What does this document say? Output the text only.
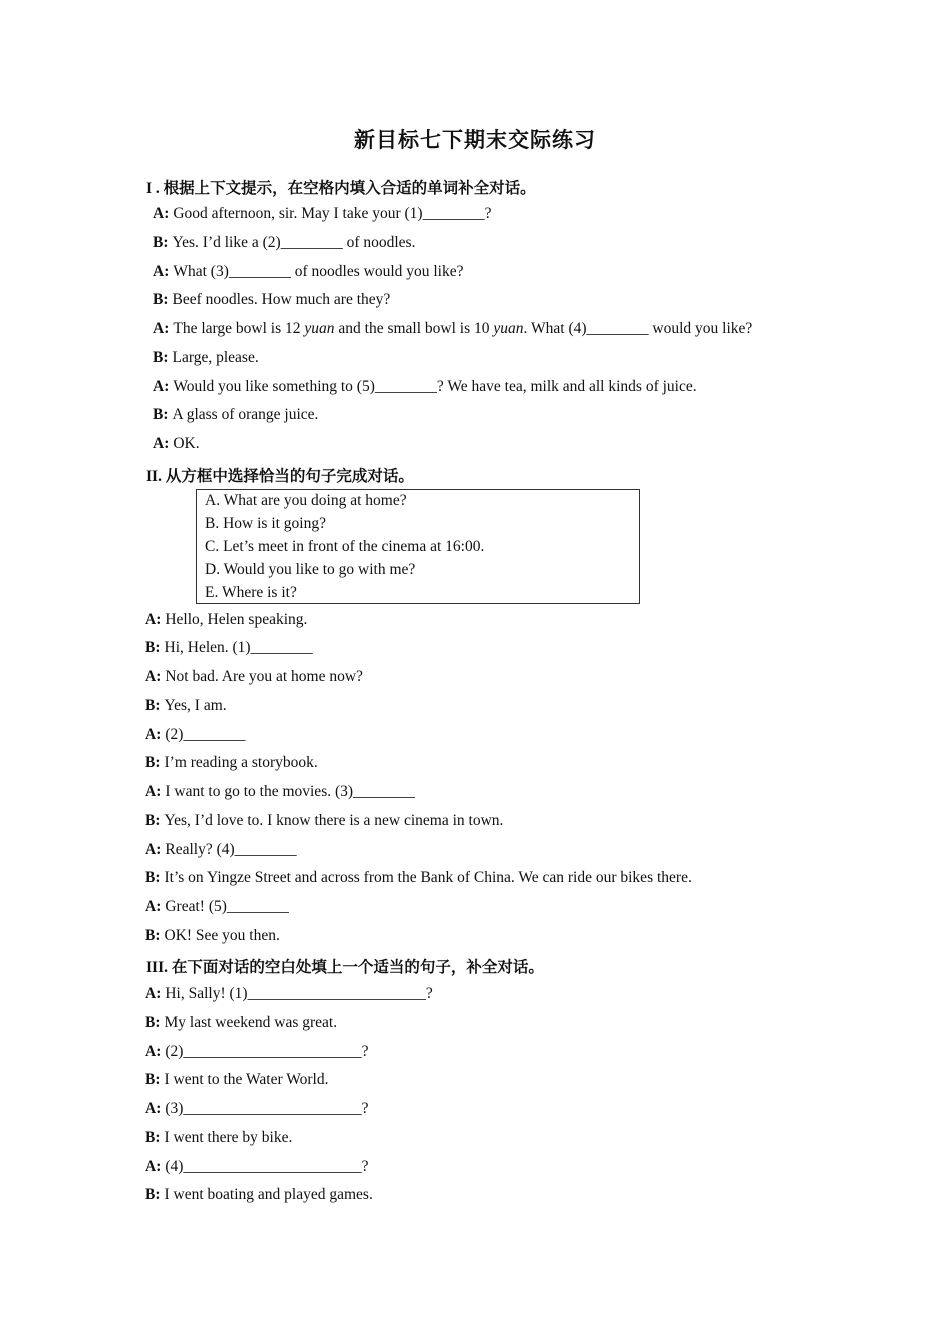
新目标七下期末交际练习
I . 根据上下文提示，在空格内填入合适的单词补全对话。
A: Good afternoon, sir. May I take your (1)________?
B: Yes. I’d like a (2)________ of noodles.
A: What (3)________ of noodles would you like?
B: Beef noodles. How much are they?
A: The large bowl is 12 yuan and the small bowl is 10 yuan. What (4)________ would you like?
B: Large, please.
A: Would you like something to (5)________? We have tea, milk and all kinds of juice.
B: A glass of orange juice.
A: OK.
II. 从方框中选择恰当的句子完成对话。
A. What are you doing at home?
B. How is it going?
C. Let’s meet in front of the cinema at 16:00.
D. Would you like to go with me?
E. Where is it?
A: Hello, Helen speaking.
B: Hi, Helen. (1)________
A: Not bad. Are you at home now?
B: Yes, I am.
A: (2)________
B: I’m reading a storybook.
A: I want to go to the movies. (3)________
B: Yes, I’d love to. I know there is a new cinema in town.
A: Really? (4)________
B: It’s on Yingze Street and across from the Bank of China. We can ride our bikes there.
A: Great! (5)________
B: OK! See you then.
III. 在下面对话的空白处填上一个适当的句子，补全对话。
A: Hi, Sally! (1)_______________________?
B: My last weekend was great.
A: (2)_______________________?
B: I went to the Water World.
A: (3)_______________________?
B: I went there by bike.
A: (4)_______________________?
B: I went boating and played games.
